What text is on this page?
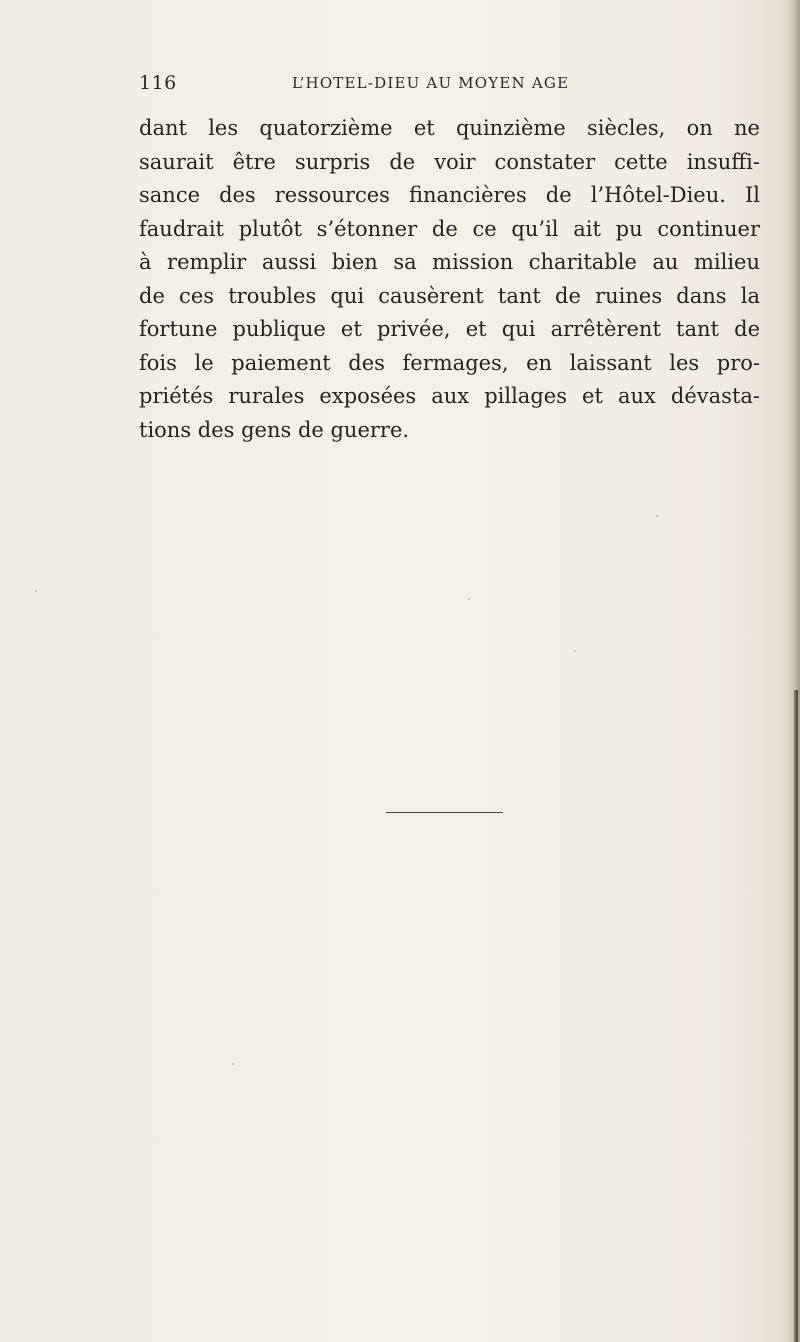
116	L’HOTEL-DIEU AU MOYEN AGE
dant les quatorzième et quinzième siècles, on ne
saurait être surpris de voir constater cette insuffi-
sance des ressources financières de l’Hôtel-Dieu. Il
faudrait plutôt s’étonner de ce qu’il ait pu continuer
à remplir aussi bien sa mission charitable au milieu
de ces troubles qui causèrent tant de ruines dans la
fortune publique et privée, et qui arrêtèrent tant de
fois le paiement des fermages, en laissant les pro-
priétés rurales exposées aux pillages et aux dévasta-
tions des gens de guerre.
